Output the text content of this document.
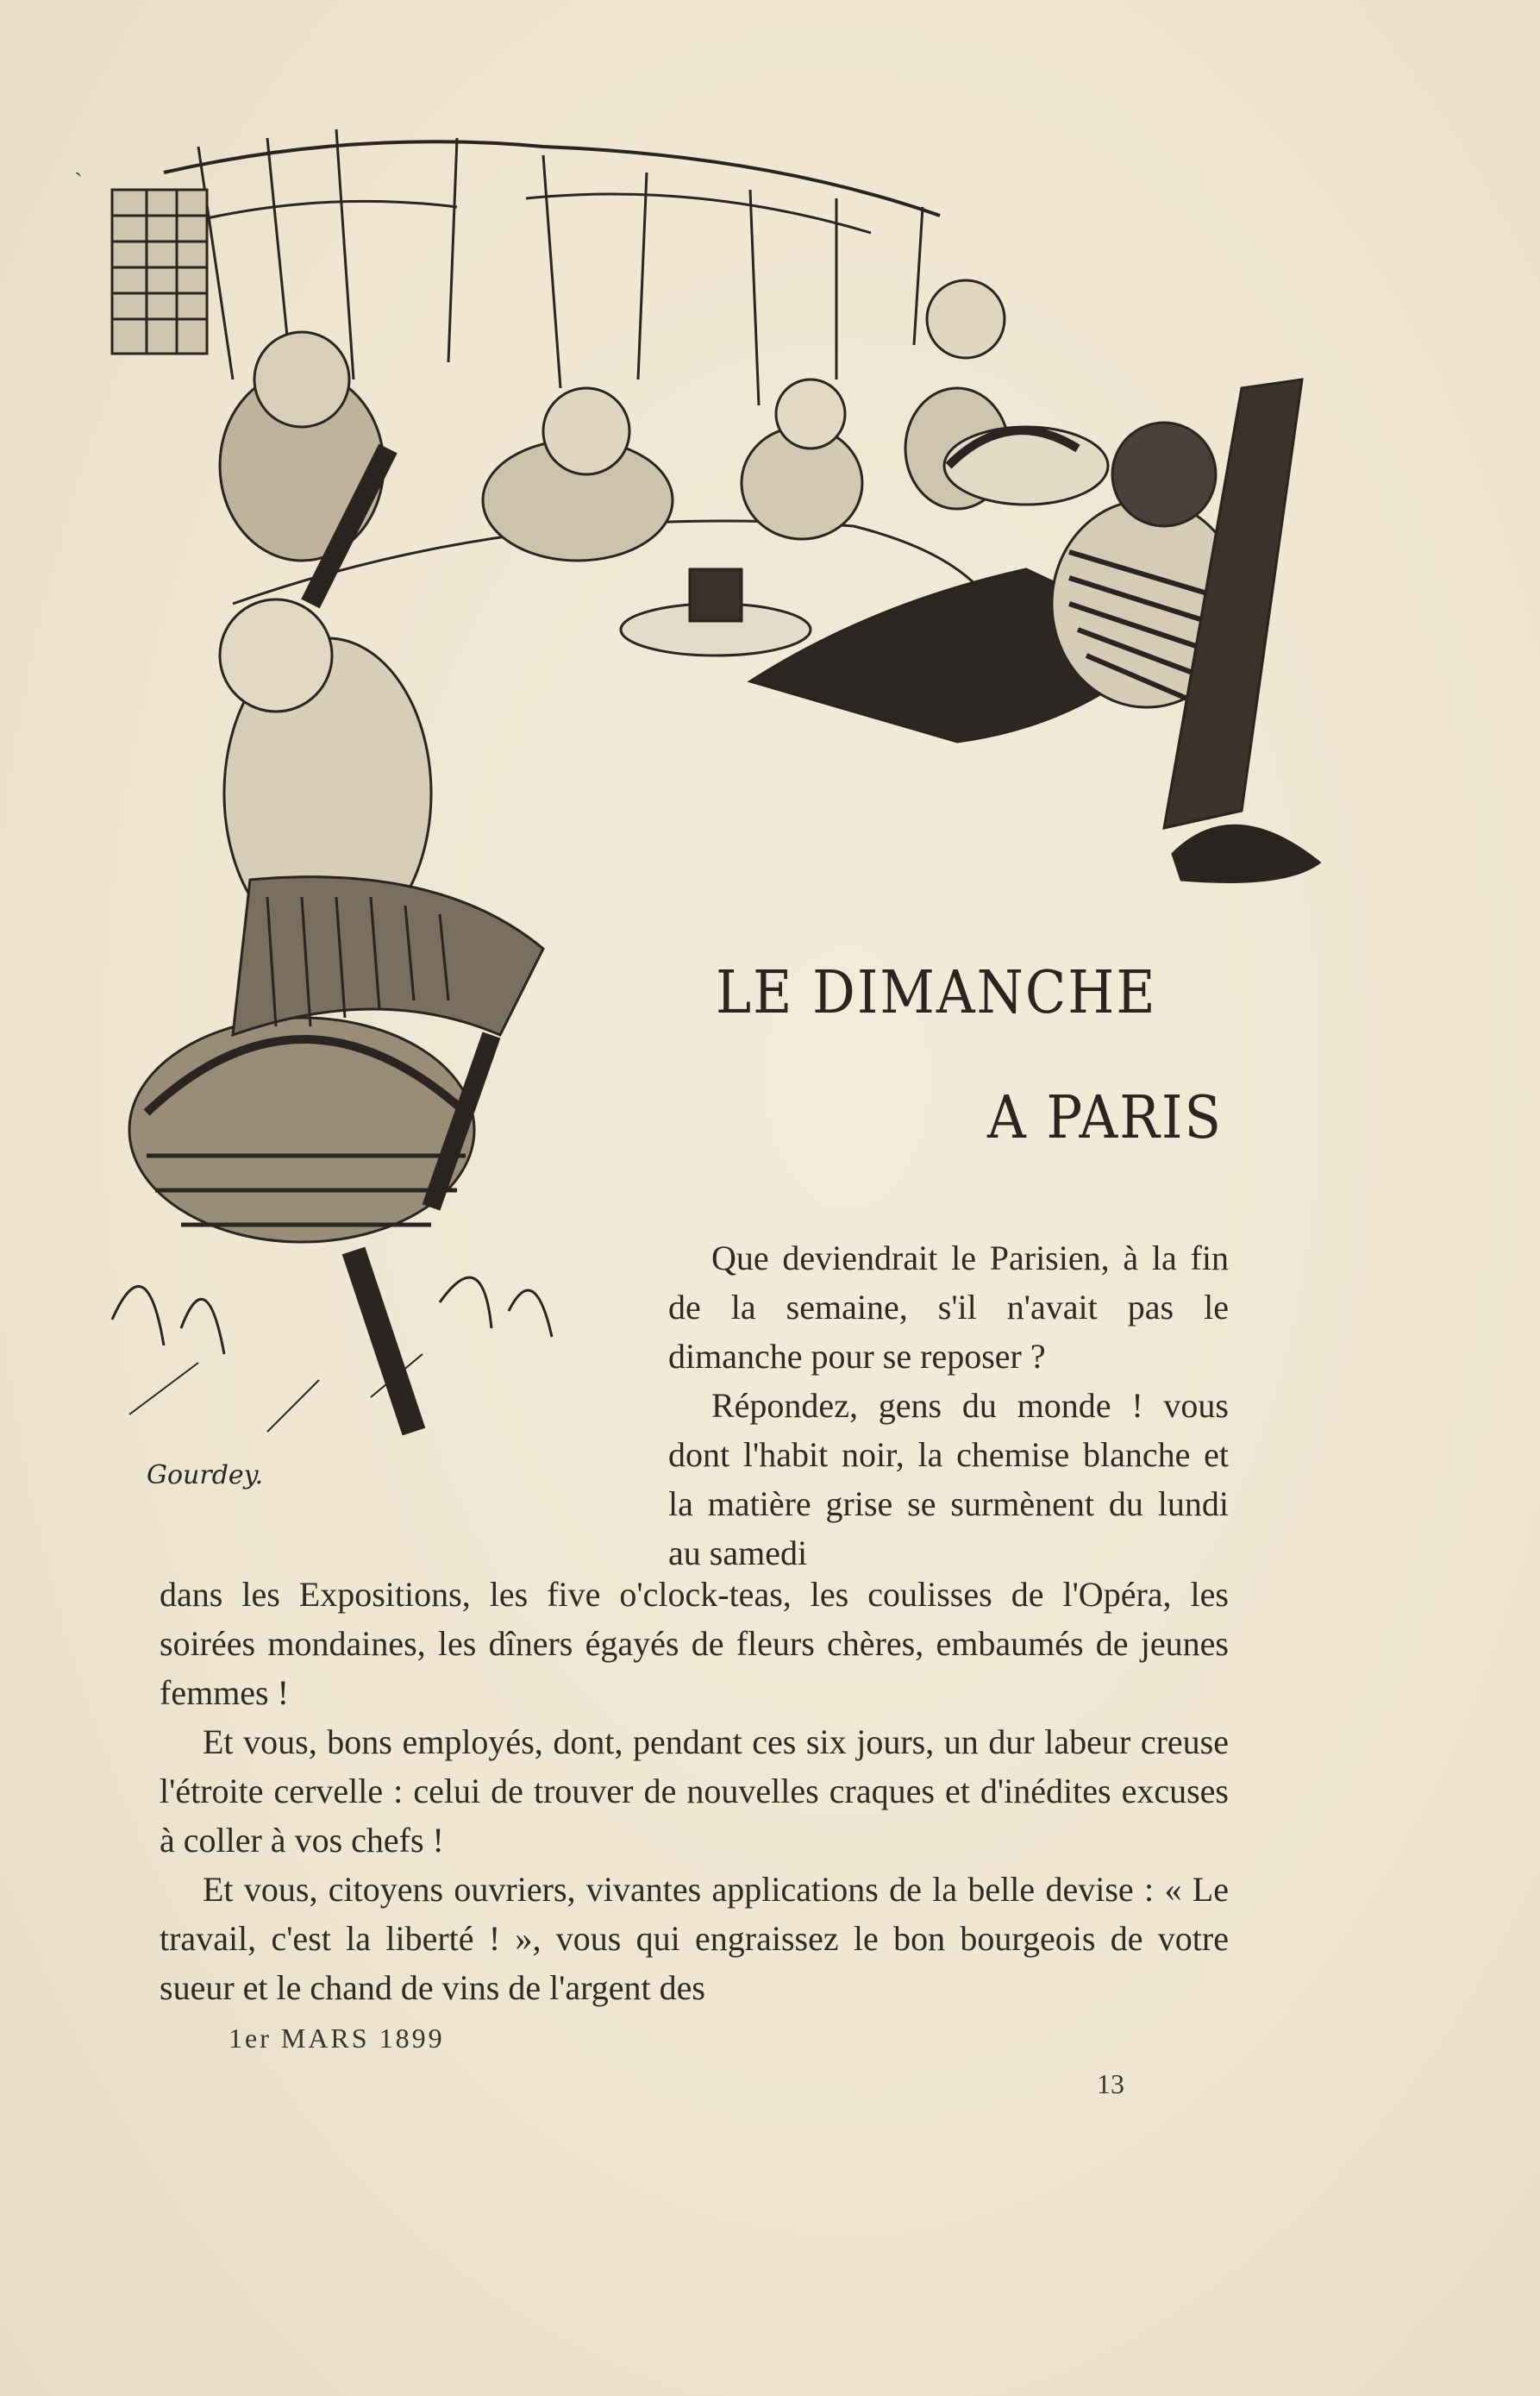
ˏ
Gourdey.
LE DIMANCHE
A PARIS

Que deviendrait le Parisien, à la fin de la semaine, s'il n'avait pas le dimanche pour se reposer ?

Répondez, gens du monde ! vous dont l'habit noir, la chemise blanche et la matière grise se surmènent du lundi au samedi

dans les Expositions, les five o'clock-teas, les coulisses de l'Opéra, les soirées mondaines, les dîners égayés de fleurs chères, embaumés de jeunes femmes !

Et vous, bons employés, dont, pendant ces six jours, un dur labeur creuse l'étroite cervelle : celui de trouver de nouvelles craques et d'inédites excuses à coller à vos chefs !

Et vous, citoyens ouvriers, vivantes applications de la belle devise : « Le travail, c'est la liberté ! », vous qui engraissez le bon bourgeois de votre sueur et le chand de vins de l'argent des

1er MARS 1899
13
